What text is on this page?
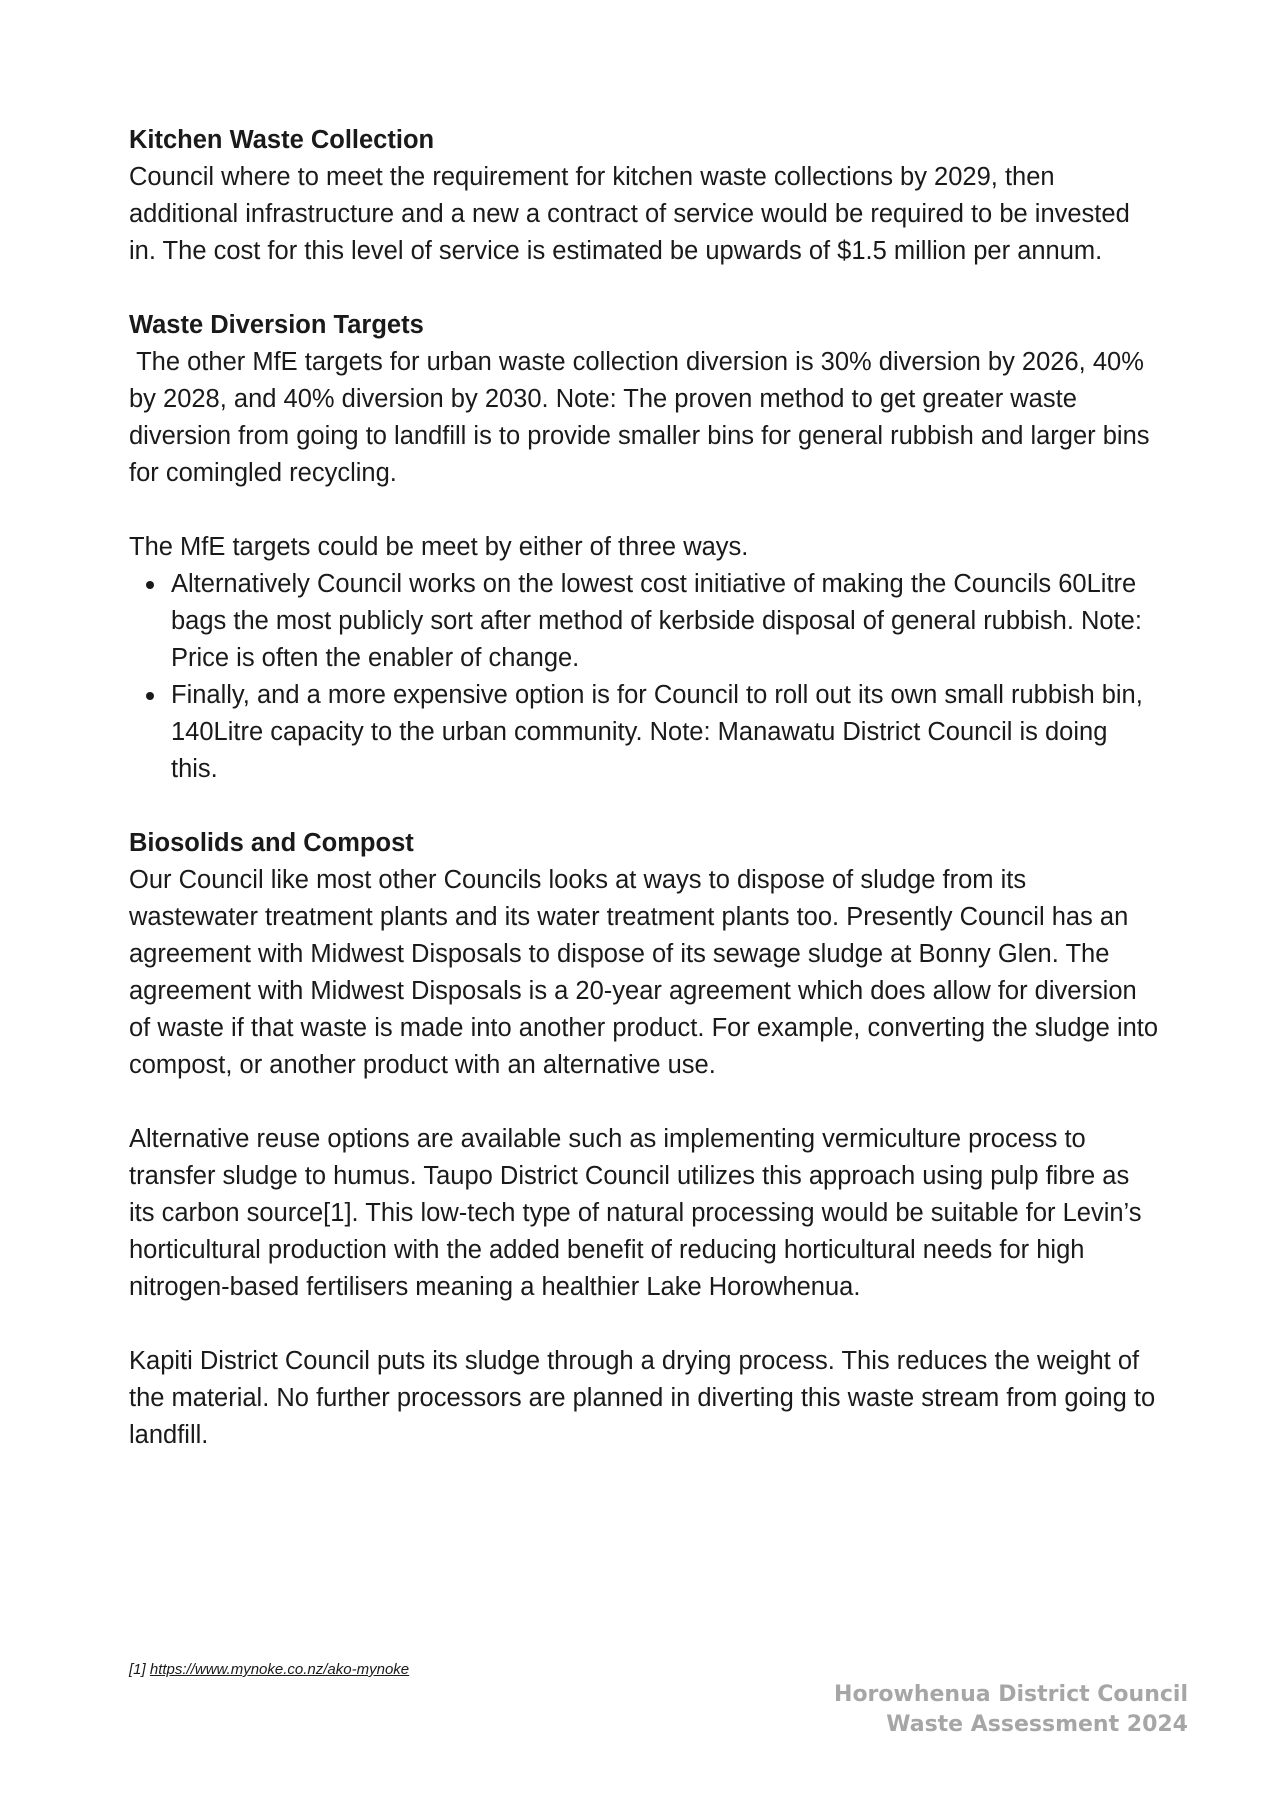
Kitchen Waste Collection

Council where to meet the requirement for kitchen waste collections by 2029, then additional infrastructure and a new a contract of service would be required to be invested in. The cost for this level of service is estimated be upwards of $1.5 million per annum.

Waste Diversion Targets

The other MfE targets for urban waste collection diversion is 30% diversion by 2026, 40% by 2028, and 40% diversion by 2030. Note: The proven method to get greater waste diversion from going to landfill is to provide smaller bins for general rubbish and larger bins for comingled recycling.

The MfE targets could be meet by either of three ways.

Alternatively Council works on the lowest cost initiative of making the Councils 60Litre bags the most publicly sort after method of kerbside disposal of general rubbish. Note: Price is often the enabler of change.
Finally, and a more expensive option is for Council to roll out its own small rubbish bin, 140Litre capacity to the urban community. Note: Manawatu District Council is doing this.
Biosolids and Compost

Our Council like most other Councils looks at ways to dispose of sludge from its wastewater treatment plants and its water treatment plants too. Presently Council has an agreement with Midwest Disposals to dispose of its sewage sludge at Bonny Glen. The agreement with Midwest Disposals is a 20-year agreement which does allow for diversion of waste if that waste is made into another product. For example, converting the sludge into compost, or another product with an alternative use.

Alternative reuse options are available such as implementing vermiculture process to transfer sludge to humus. Taupo District Council utilizes this approach using pulp fibre as its carbon source[1]. This low-tech type of natural processing would be suitable for Levin’s horticultural production with the added benefit of reducing horticultural needs for high nitrogen-based fertilisers meaning a healthier Lake Horowhenua.

Kapiti District Council puts its sludge through a drying process. This reduces the weight of the material. No further processors are planned in diverting this waste stream from going to landfill.

[1] https://www.mynoke.co.nz/ako-mynoke
Horowhenua District Council
Waste Assessment 2024
